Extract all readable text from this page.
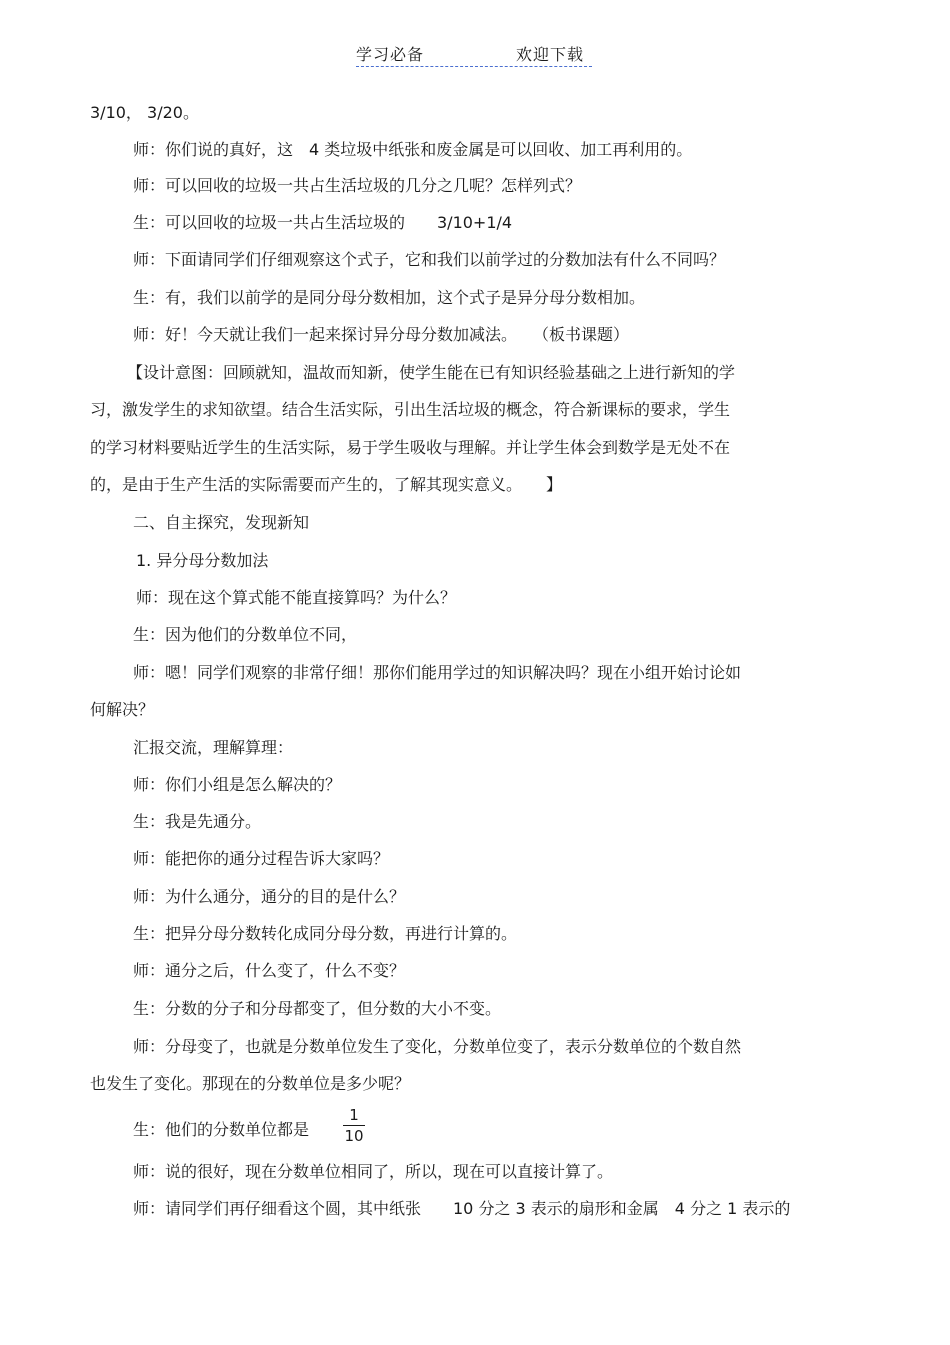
学习必备	欢迎下载
3/10， 3/20。
师：你们说的真好，这　4 类垃圾中纸张和废金属是可以回收、加工再利用的。
师：可以回收的垃圾一共占生活垃圾的几分之几呢？怎样列式？
生：可以回收的垃圾一共占生活垃圾的　　3/10+1/4
师：下面请同学们仔细观察这个式子，它和我们以前学过的分数加法有什么不同吗？
生：有，我们以前学的是同分母分数相加，这个式子是异分母分数相加。
师：好！今天就让我们一起来探讨异分母分数加减法。　　（板书课题）
【设计意图：回顾就知，温故而知新，使学生能在已有知识经验基础之上进行新知的学
习，激发学生的求知欲望。结合生活实际，引出生活垃圾的概念，符合新课标的要求，学生
的学习材料要贴近学生的生活实际，易于学生吸收与理解。并让学生体会到数学是无处不在
的，是由于生产生活的实际需要而产生的，了解其现实意义。　　】
二、自主探究，发现新知
1. 异分母分数加法
师：现在这个算式能不能直接算吗？为什么？
生：因为他们的分数单位不同，
师：嗯！同学们观察的非常仔细！那你们能用学过的知识解决吗？现在小组开始讨论如
何解决？
汇报交流，理解算理：
师：你们小组是怎么解决的？
生：我是先通分。
师：能把你的通分过程告诉大家吗？
师：为什么通分，通分的目的是什么？
生：把异分母分数转化成同分母分数，再进行计算的。
师：通分之后，什么变了，什么不变？
生：分数的分子和分母都变了，但分数的大小不变。
师：分母变了，也就是分数单位发生了变化，分数单位变了，表示分数单位的个数自然
也发生了变化。那现在的分数单位是多少呢？
生：他们的分数单位都是
1
10
师：说的很好，现在分数单位相同了，所以，现在可以直接计算了。
师：请同学们再仔细看这个圆，其中纸张　　10 分之 3 表示的扇形和金属　4 分之 1 表示的
